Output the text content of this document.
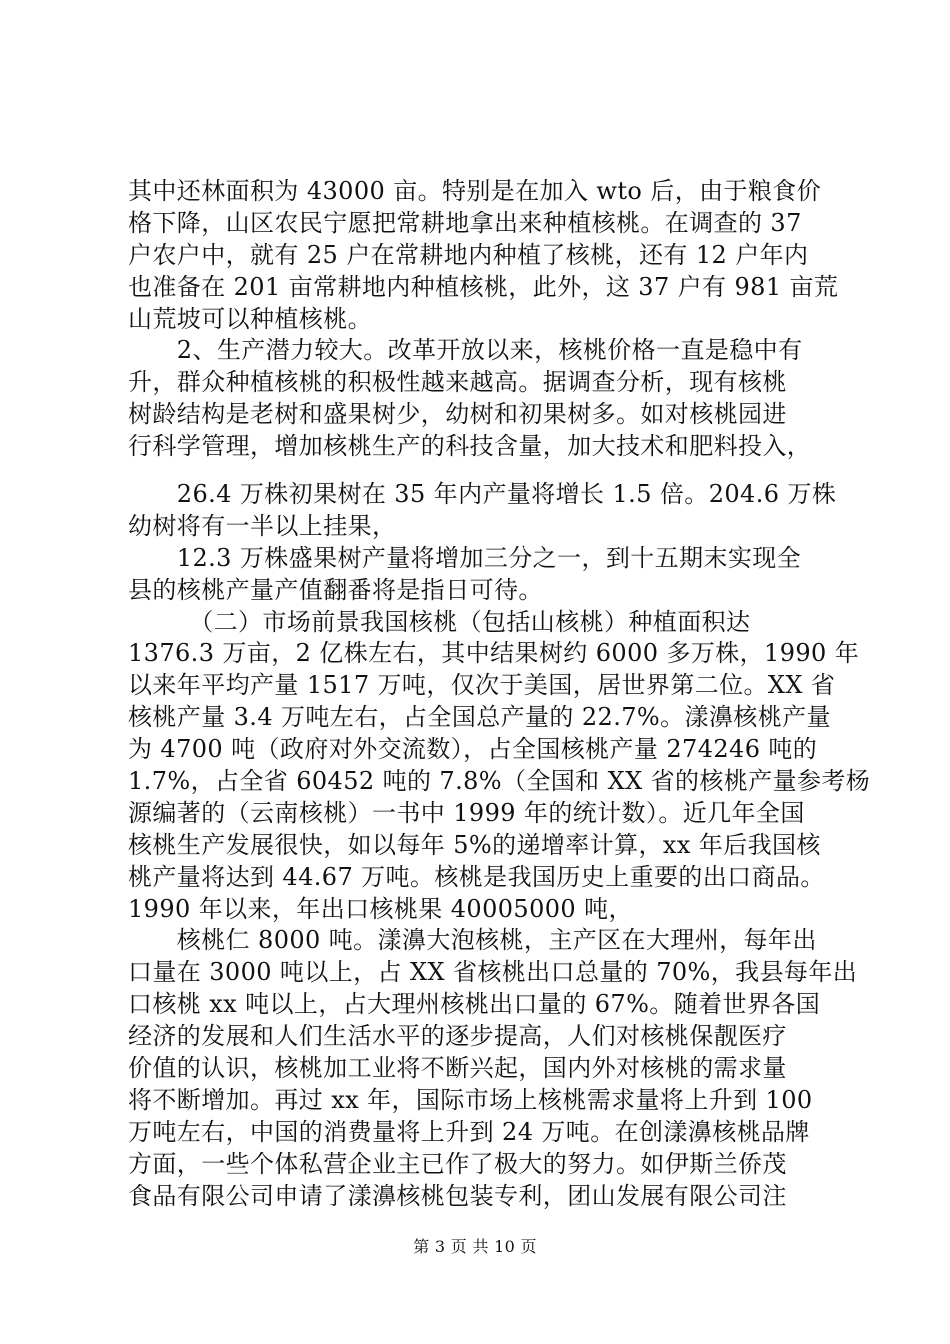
其中还林面积为 43000 亩。特别是在加入 wto 后，由于粮食价
格下降，山区农民宁愿把常耕地拿出来种植核桃。在调查的 37
户农户中，就有 25 户在常耕地内种植了核桃，还有 12 户年内
也准备在 201 亩常耕地内种植核桃，此外，这 37 户有 981 亩荒
山荒坡可以种植核桃。
　　2、生产潜力较大。改革开放以来，核桃价格一直是稳中有
升，群众种植核桃的积极性越来越高。据调查分析，现有核桃
树龄结构是老树和盛果树少，幼树和初果树多。如对核桃园进
行科学管理，增加核桃生产的科技含量，加大技术和肥料投入，
　　26.4 万株初果树在 35 年内产量将增长 1.5 倍。204.6 万株
幼树将有一半以上挂果，
　　12.3 万株盛果树产量将增加三分之一，到十五期末实现全
县的核桃产量产值翻番将是指日可待。
　　　（二）市场前景我国核桃（包括山核桃）种植面积达
1376.3 万亩，2 亿株左右，其中结果树约 6000 多万株，1990 年
以来年平均产量 1517 万吨，仅次于美国，居世界第二位。XX 省
核桃产量 3.4 万吨左右，占全国总产量的 22.7%。漾濞核桃产量
为 4700 吨（政府对外交流数），占全国核桃产量 274246 吨的
1.7%，占全省 60452 吨的 7.8%（全国和 XX 省的核桃产量参考杨
源编著的（云南核桃）一书中 1999 年的统计数）。近几年全国
核桃生产发展很快，如以每年 5%的递增率计算，xx 年后我国核
桃产量将达到 44.67 万吨。核桃是我国历史上重要的出口商品。
1990 年以来，年出口核桃果 40005000 吨，
　　核桃仁 8000 吨。漾濞大泡核桃，主产区在大理州，每年出
口量在 3000 吨以上，占 XX 省核桃出口总量的 70%，我县每年出
口核桃 xx 吨以上，占大理州核桃出口量的 67%。随着世界各国
经济的发展和人们生活水平的逐步提高，人们对核桃保靓医疗
价值的认识，核桃加工业将不断兴起，国内外对核桃的需求量
将不断增加。再过 xx 年，国际市场上核桃需求量将上升到 100
万吨左右，中国的消费量将上升到 24 万吨。在创漾濞核桃品牌
方面，一些个体私营企业主已作了极大的努力。如伊斯兰侨茂
食品有限公司申请了漾濞核桃包装专利，团山发展有限公司注
第 3 页 共 10 页
